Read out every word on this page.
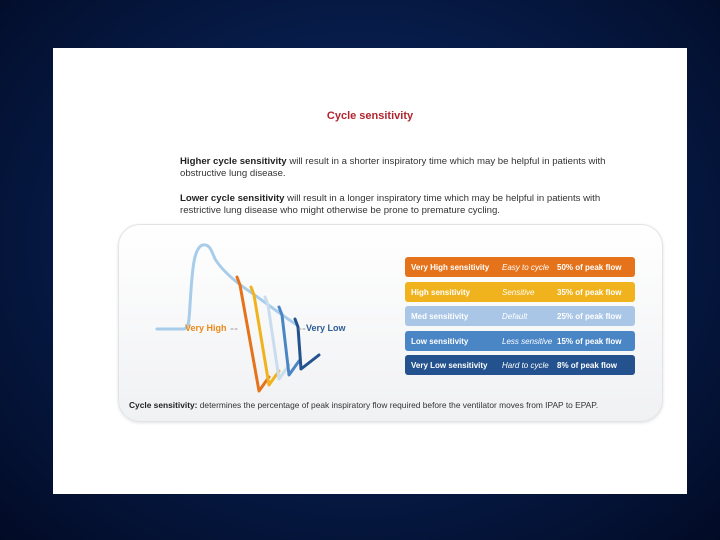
Cycle sensitivity
Higher cycle sensitivity will result in a shorter inspiratory time which may be helpful in patients with obstructive lung disease.
Lower cycle sensitivity will result in a longer inspiratory time which may be helpful in patients with restrictive lung disease who might otherwise be prone to premature cycling.
Very High	Very Low
Very High sensitivity Easy to cycle 50% of peak flow
High sensitivity	Sensitive	35% of peak flow
Med sensitivity	Default	25% of peak flow
Low sensitivity	Less sensitive 15% of peak flow
Very Low sensitivity Hard to cycle 8% of peak flow
Cycle sensitivity: determines the percentage of peak inspiratory flow required before the ventilator moves from IPAP to EPAP.
